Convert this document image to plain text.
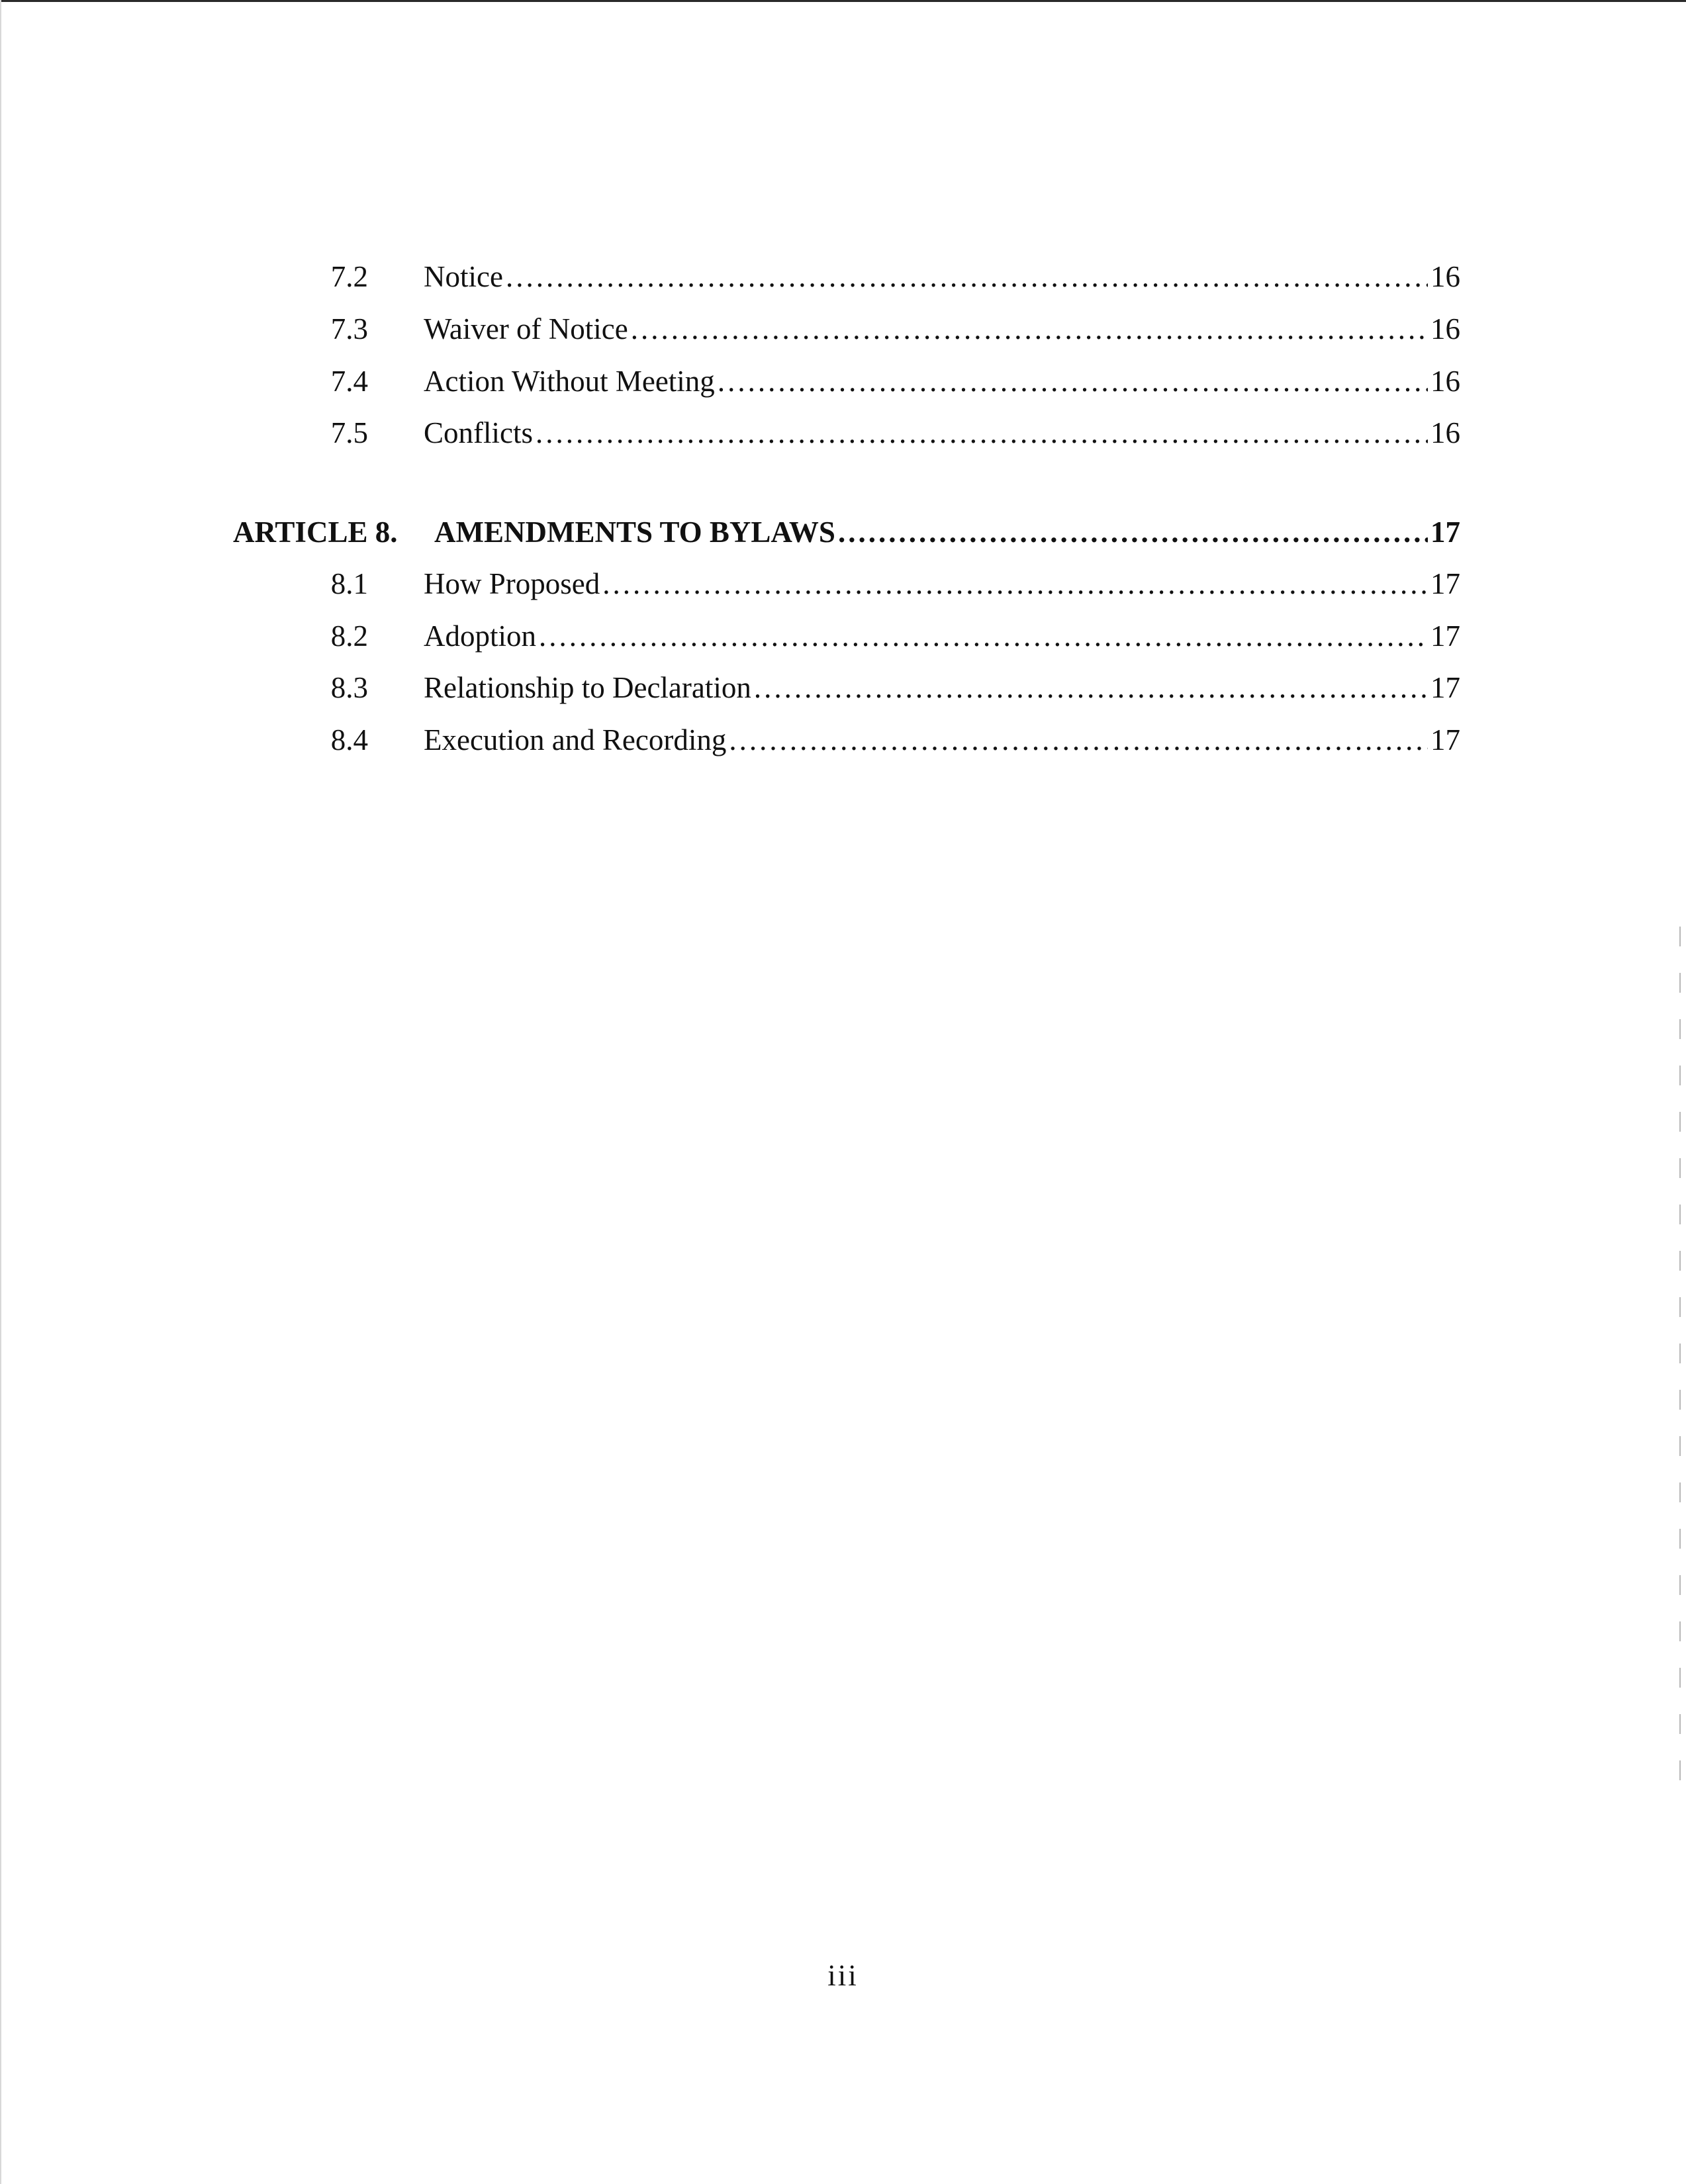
7.2 Notice .....	16
7.3 Waiver of Notice .....	16
7.4 Action Without Meeting .....	16
7.5 Conflicts .....	16
ARTICLE 8. AMENDMENTS TO BYLAWS .....	17
8.1 How Proposed .....	17
8.2 Adoption .....	17
8.3 Relationship to Declaration .....	17
8.4 Execution and Recording .....	17
iii
